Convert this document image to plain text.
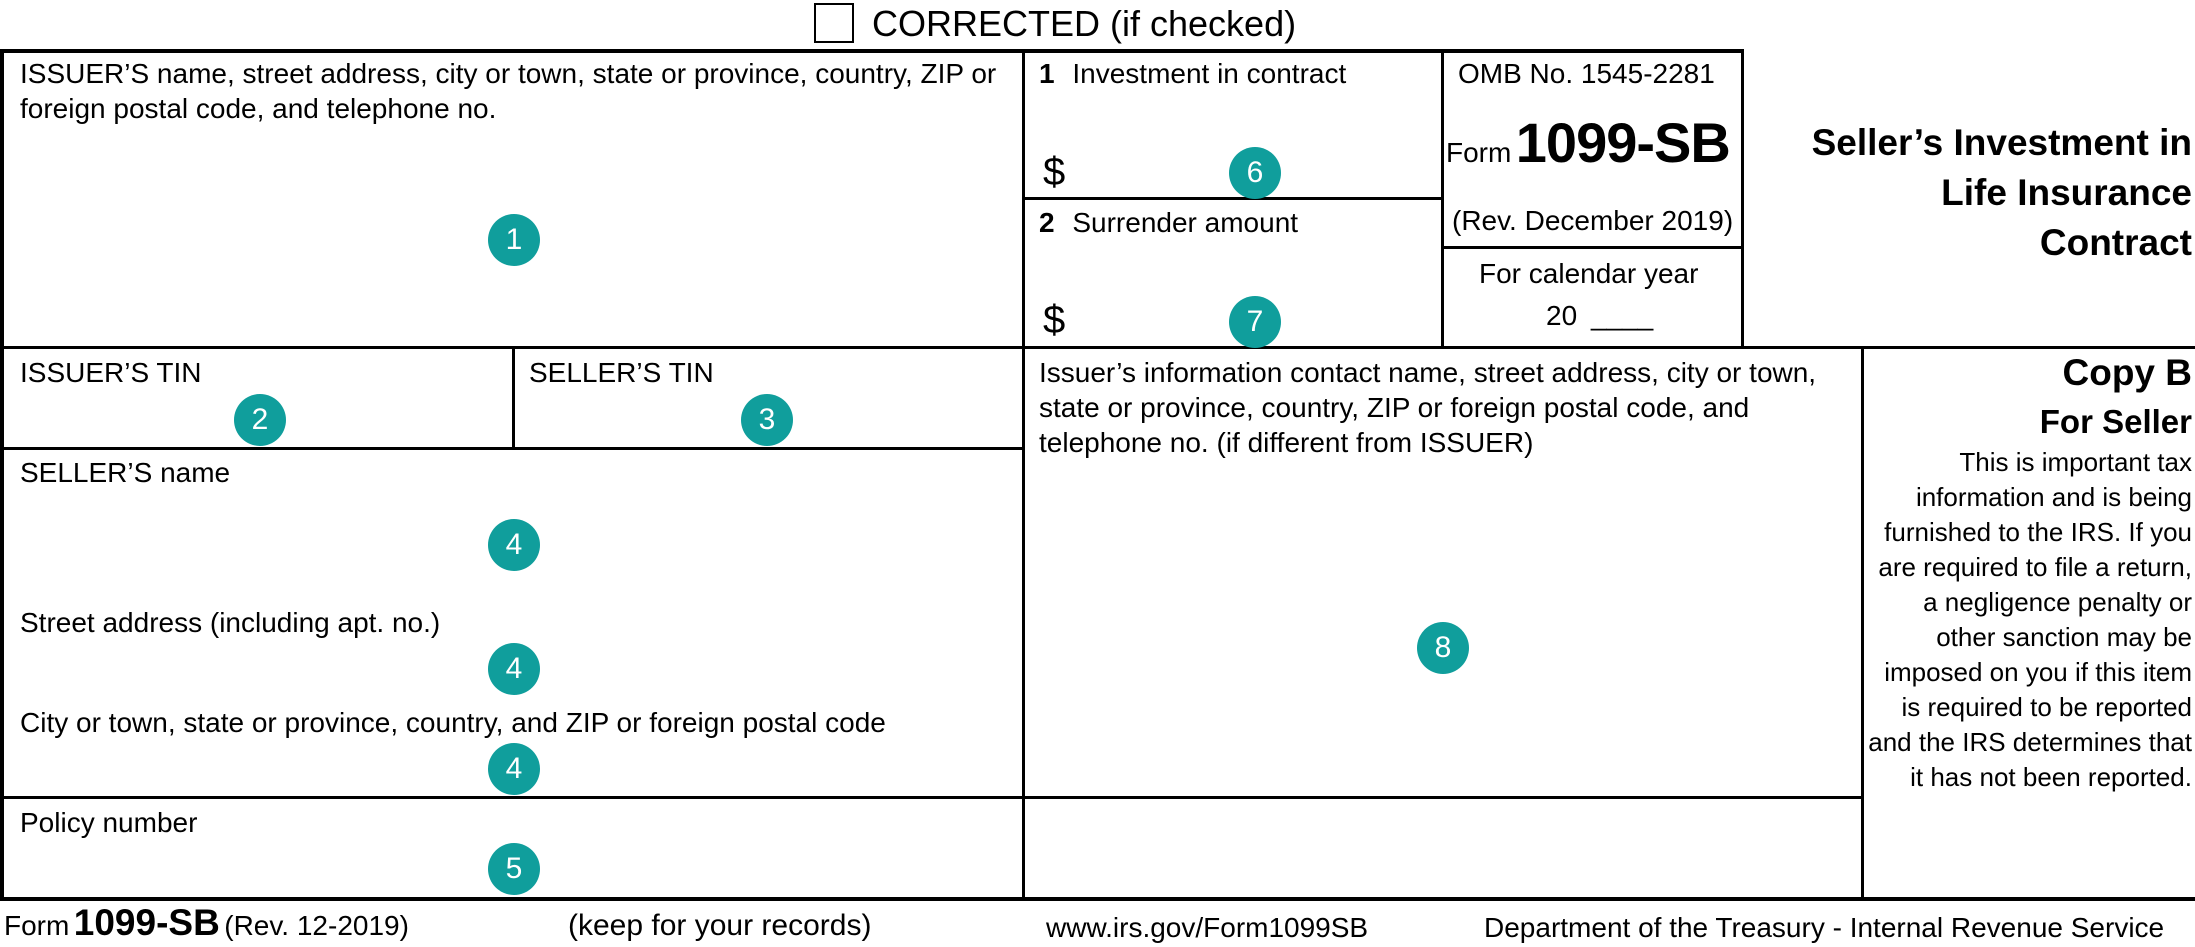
CORRECTED (if checked)
ISSUER’S name, street address, city or town, state or province, country, ZIP or foreign postal code, and telephone no.
1
1 Investment in contract
$	6
2 Surrender amount
$	7
OMB No. 1545-2281
Form 1099-SB
(Rev. December 2019)
For calendar year
20 ____
Seller’s Investment in
Life Insurance
Contract
ISSUER’S TIN
2
SELLER’S TIN
3
SELLER’S name
4
Street address (including apt. no.)
4
City or town, state or province, country, and ZIP or foreign postal code
4
Policy number
5
Issuer’s information contact name, street address, city or town, state or province, country, ZIP or foreign postal code, and telephone no. (if different from ISSUER)
8
Copy B
For Seller
This is important tax information and is being furnished to the IRS. If you are required to file a return, a negligence penalty or other sanction may be imposed on you if this item is required to be reported and the IRS determines that it has not been reported.
Form 1099-SB (Rev. 12-2019)	(keep for your records)	www.irs.gov/Form1099SB	Department of the Treasury - Internal Revenue Service
